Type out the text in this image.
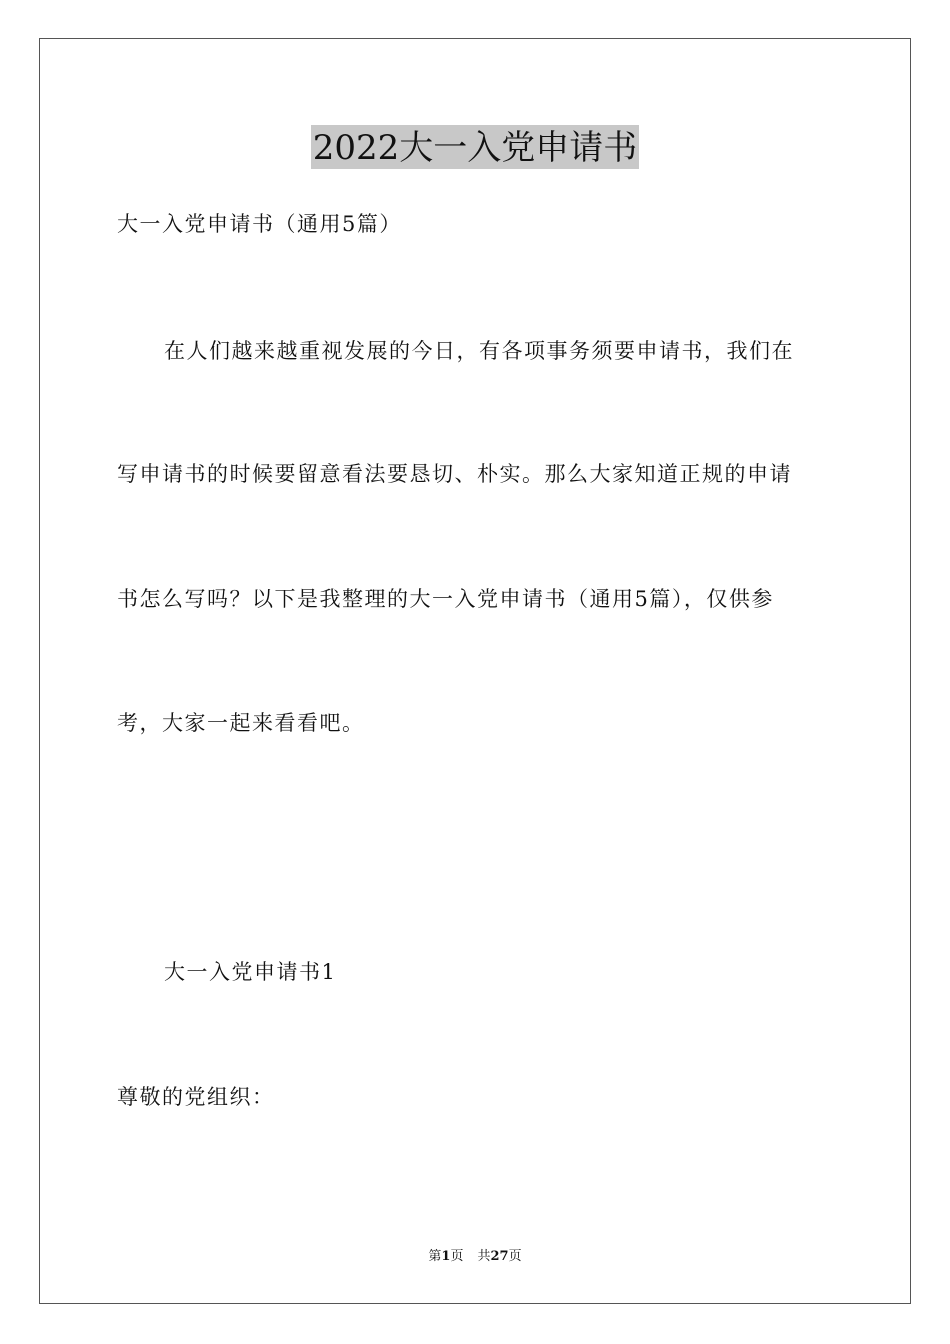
2022大一入党申请书
大一入党申请书（通用5篇）
在人们越来越重视发展的今日，有各项事务须要申请书，我们在
写申请书的时候要留意看法要恳切、朴实。那么大家知道正规的申请
书怎么写吗？以下是我整理的大一入党申请书（通用5篇），仅供参
考，大家一起来看看吧。
大一入党申请书1
尊敬的党组织：
第1页 共27页
